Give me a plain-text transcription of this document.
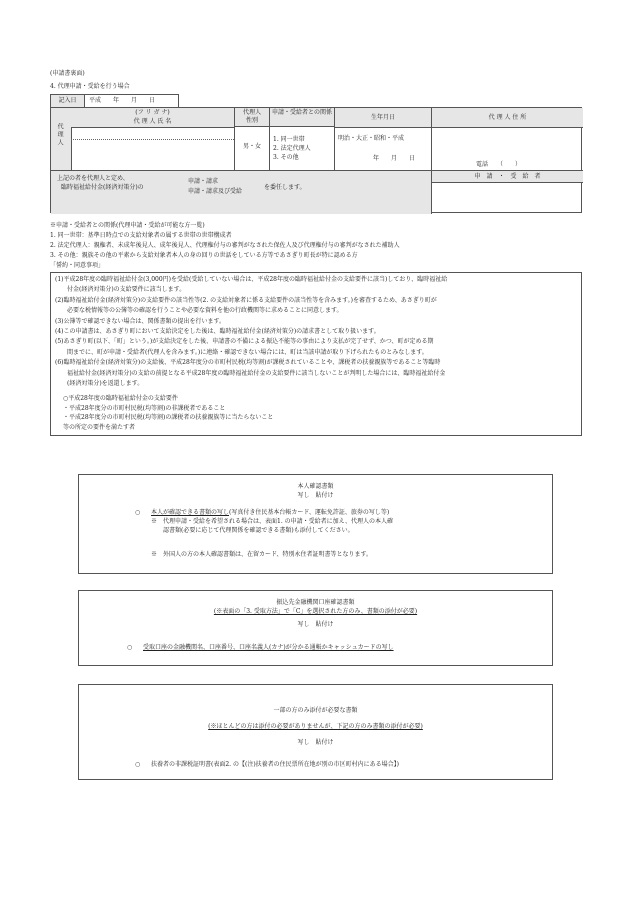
(申請書裏面)
4. 代理申請・受給を行う場合
記入日	平成　　年　　月　　日
代理人
(フ リ ガ ナ)
代 理 人 氏 名
代理人
性別
男・女
申請・受給者との関係
1. 同一世帯
2. 法定代理人
3. その他
生年月日
明治・大正・昭和・平成
年　　月　　日
代 理 人 住 所
電話　　（　　）
申　請　・　受　給　者
上記の者を代理人と定め、
臨時福祉給付金(経済対策分)の
申請・請求
申請・請求及び受給
を委任します。
※申請・受給者との関係(代理申請・受給が可能な方一覧)
1. 同一世帯：基準日時点での支給対象者の属する世帯の世帯構成者
2. 法定代理人：親権者、未成年後見人、成年後見人、代理権付与の審判がなされた保佐人及び代理権付与の審判がなされた補助人
3. その他：親族その他の平素から支給対象者本人の身の回りの世話をしている方等であさぎり町長が特に認める方
「誓約・同意事項」
(1)平成28年度の臨時福祉給付金(3,000円)を受給(受給していない場合は、平成28年度の臨時福祉給付金の支給要件に該当)しており、臨時福祉給
　　付金(経済対策分)の支給要件に該当します。
(2)臨時福祉給付金(経済対策分)の支給要件の該当性等(2. の支給対象者に係る支給要件の該当性等を含みます。)を審査するため、あさぎり町が
　　必要な税情報等の公簿等の確認を行うことや必要な資料を他の行政機関等に求めることに同意します。
(3)公簿等で確認できない場合は、関係書類の提出を行います。
(4)この申請書は、あさぎり町において支給決定をした後は、臨時福祉給付金(経済対策分)の請求書として取り扱います。
(5)あさぎり町(以下、「町」という。)が支給決定をした後、申請書の不備による振込不能等の事由により支払が完了せず、かつ、町が定める期
　　間までに、町が申請・受給者(代理人を含みます。)に連絡・確認できない場合には、町は当該申請が取り下げられたものとみなします。
(6)臨時福祉給付金(経済対策分)の支給後、平成28年度分の市町村民税(均等割)が課税されていることや、課税者の扶養親族等であること等臨時
　　福祉給付金(経済対策分)の支給の前提となる平成28年度の臨時福祉給付金の支給要件に該当しないことが判明した場合には、臨時福祉給付金
　　(経済対策分)を返還します。
○平成28年度の臨時福祉給付金の支給要件
・平成28年度分の市町村民税(均等割)の非課税者であること
・平成28年度分の市町村民税(均等割)の課税者の扶養親族等に当たらないこと
等の所定の要件を満たす者
本人確認書類
写し　貼付け
○ 本人が確認できる書類の写し(写真付き住民基本台帳カード、運転免許証、旅券の写し等)
※　代理申請・受給を希望される場合は、表面1. の申請・受給者に加え、代理人の本人確
認書類(必要に応じて代理関係を確認できる書類)も添付してください。
※　外国人の方の本人確認書類は、在留カード、特別永住者証明書等となります。
振込先金融機関口座確認書類
(※表面の「3. 受取方法」で「C」を選択された方のみ、書類の添付が必要)
写し　貼付け
○ 受取口座の金融機関名、口座番号、口座名義人(カナ)が分かる通帳かキャッシュカードの写し
一部の方のみ添付が必要な書類
(※ほとんどの方は添付の必要がありませんが、下記の方のみ書類の添付が必要)
写し　貼付け
○ 扶養者の非課税証明書(表面2. の【(注)扶養者の住民票所在地が別の市区町村内にある場合】)
